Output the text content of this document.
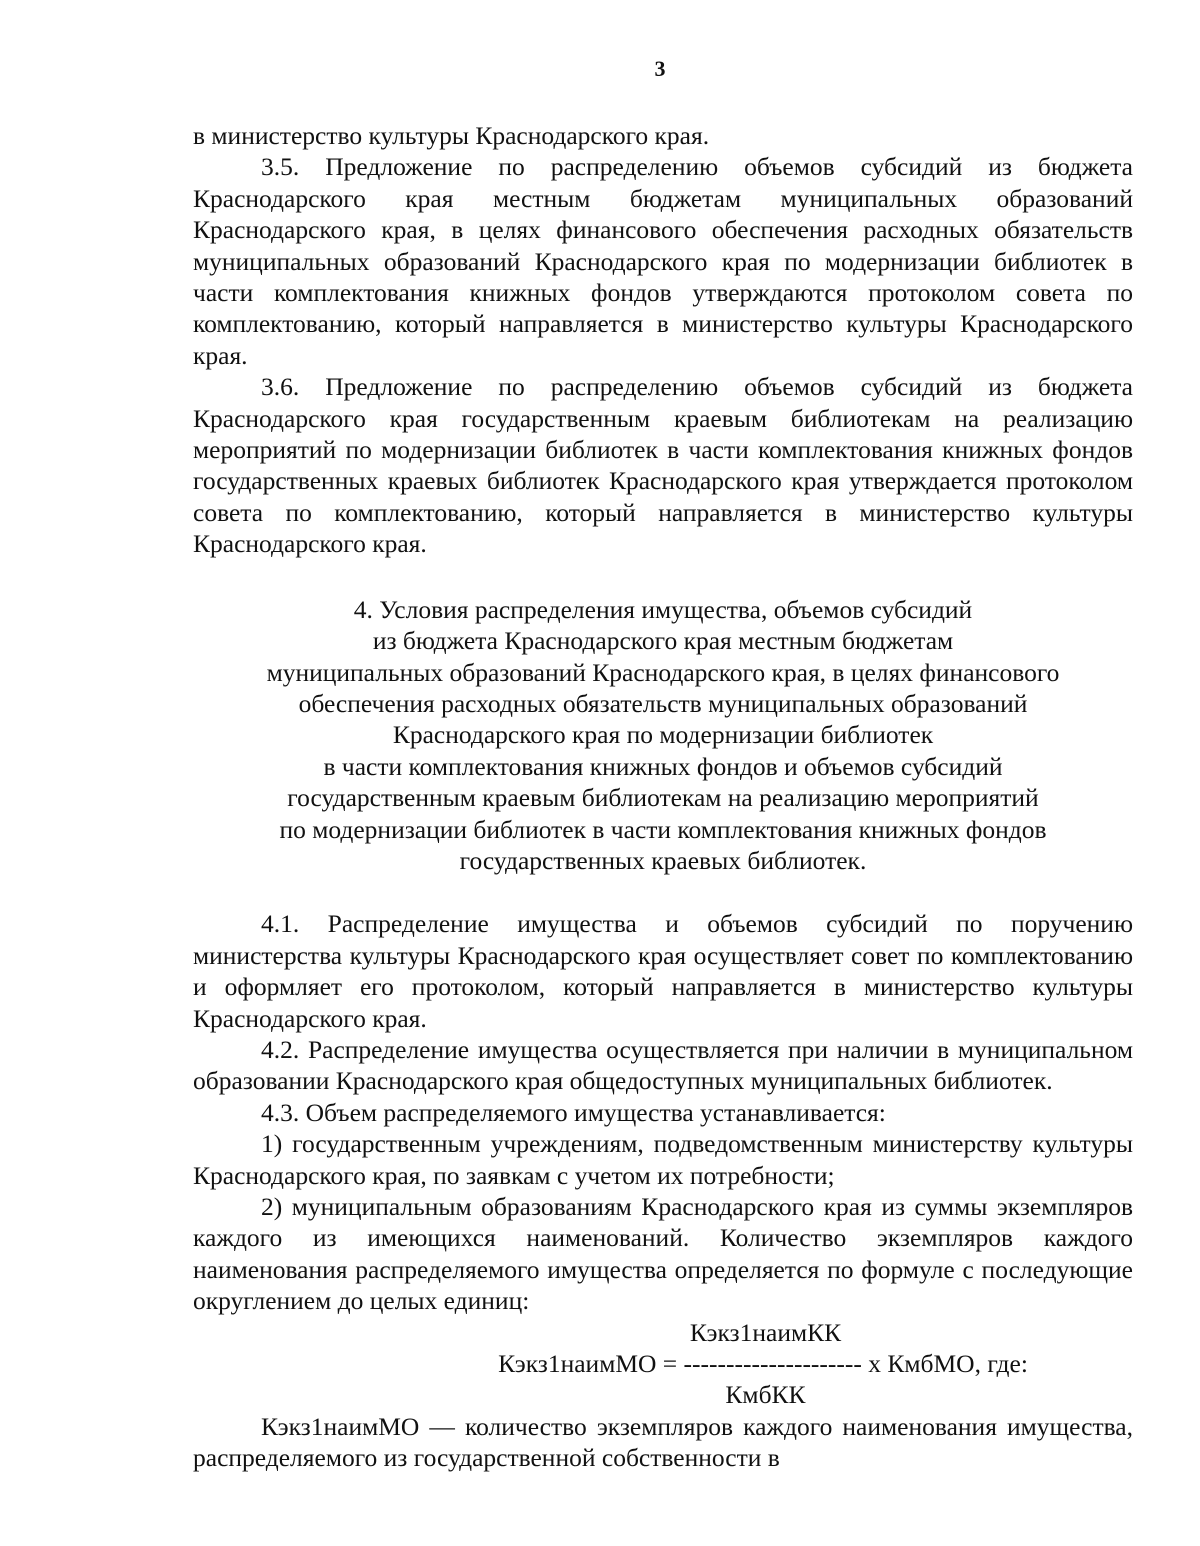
3

в министерство культуры Краснодарского края.

3.5. Предложение по распределению объемов субсидий из бюджета Краснодарского края местным бюджетам муниципальных образований Краснодарского края, в целях финансового обеспечения расходных обязательств муниципальных образований Краснодарского края по модернизации библиотек в части комплектования книжных фондов утверждаются протоколом совета по комплектованию, который направляется в министерство культуры Краснодарского края.

3.6. Предложение по распределению объемов субсидий из бюджета Краснодарского края государственным краевым библиотекам на реализацию мероприятий по модернизации библиотек в части комплектования книжных фондов государственных краевых библиотек Краснодарского края утверждается протоколом совета по комплектованию, который направляется в министерство культуры Краснодарского края.

4. Условия распределения имущества, объемов субсидий
из бюджета Краснодарского края местным бюджетам
муниципальных образований Краснодарского края, в целях финансового
обеспечения расходных обязательств муниципальных образований
Краснодарского края по модернизации библиотек
в части комплектования книжных фондов и объемов субсидий
государственным краевым библиотекам на реализацию мероприятий
по модернизации библиотек в части комплектования книжных фондов
государственных краевых библиотек.

4.1. Распределение имущества и объемов субсидий по поручению министерства культуры Краснодарского края осуществляет совет по комплектованию и оформляет его протоколом, который направляется в министерство культуры Краснодарского края.

4.2. Распределение имущества осуществляется при наличии в муниципальном образовании Краснодарского края общедоступных муниципальных библиотек.

4.3. Объем распределяемого имущества устанавливается:

1) государственным учреждениям, подведомственным министерству культуры Краснодарского края, по заявкам с учетом их потребности;

2) муниципальным образованиям Краснодарского края из суммы экземпляров каждого из имеющихся наименований. Количество экземпляров каждого наименования распределяемого имущества определяется по формуле с последующие округлением до целых единиц:

Кэкз1наимКК

Кэкз1наимМО = --------------------- х КмбМО, где:

КмбКК

Кэкз1наимМО — количество экземпляров каждого наименования имущества, распределяемого из государственной собственности в
